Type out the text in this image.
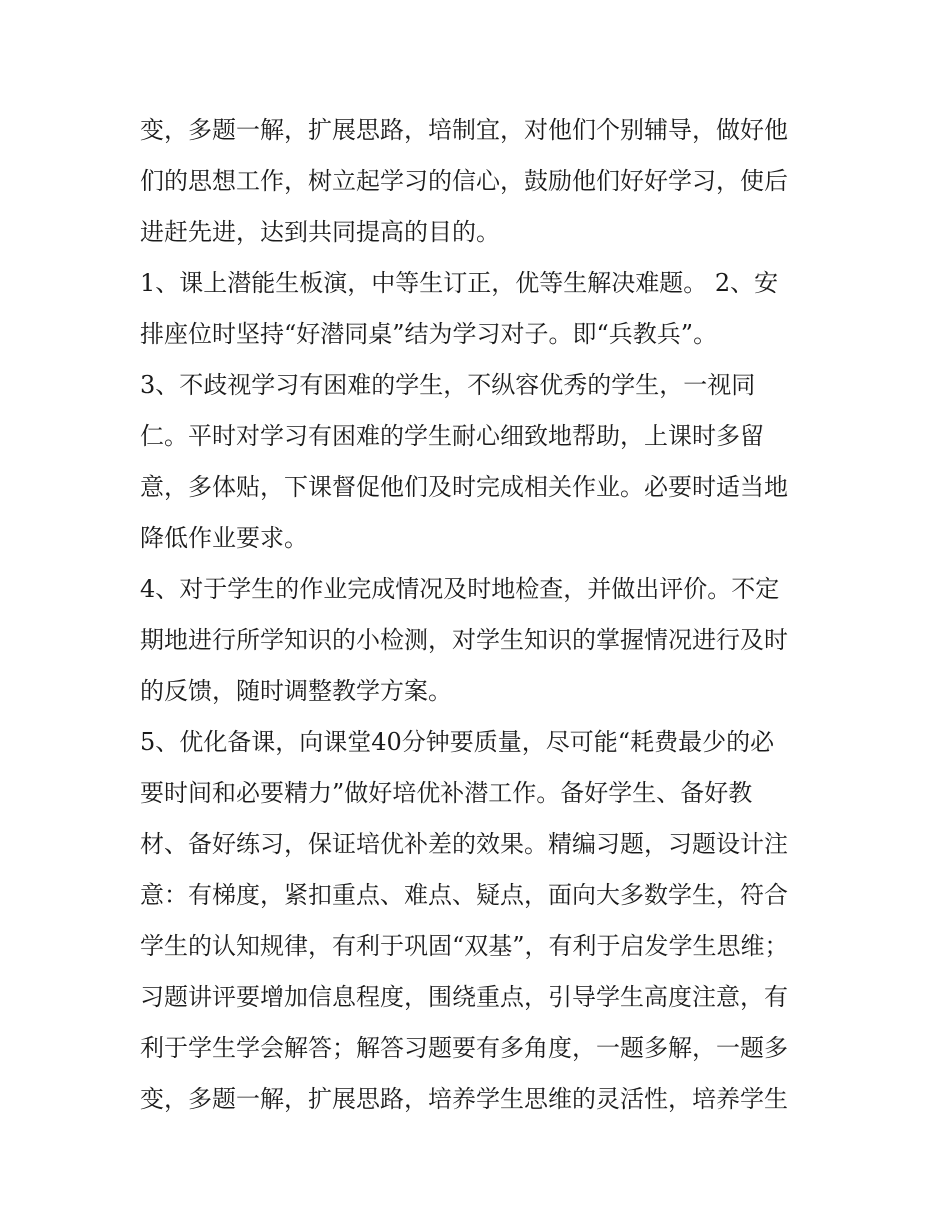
变，多题一解，扩展思路，培制宜，对他们个别辅导，做好他
们的思想工作，树立起学习的信心，鼓励他们好好学习，使后
进赶先进，达到共同提高的目的。
1、课上潜能生板演，中等生订正，优等生解决难题。 2、安
排座位时坚持“好潜同桌”结为学习对子。即“兵教兵”。
3、不歧视学习有困难的学生，不纵容优秀的学生，一视同
仁。平时对学习有困难的学生耐心细致地帮助，上课时多留
意，多体贴，下课督促他们及时完成相关作业。必要时适当地
降低作业要求。
4、对于学生的作业完成情况及时地检查，并做出评价。不定
期地进行所学知识的小检测，对学生知识的掌握情况进行及时
的反馈，随时调整教学方案。
5、优化备课，向课堂40分钟要质量，尽可能“耗费最少的必
要时间和必要精力”做好培优补潜工作。备好学生、备好教
材、备好练习，保证培优补差的效果。精编习题，习题设计注
意：有梯度，紧扣重点、难点、疑点，面向大多数学生，符合
学生的认知规律，有利于巩固“双基”，有利于启发学生思维；
习题讲评要增加信息程度，围绕重点，引导学生高度注意，有
利于学生学会解答；解答习题要有多角度，一题多解，一题多
变，多题一解，扩展思路，培养学生思维的灵活性，培养学生
